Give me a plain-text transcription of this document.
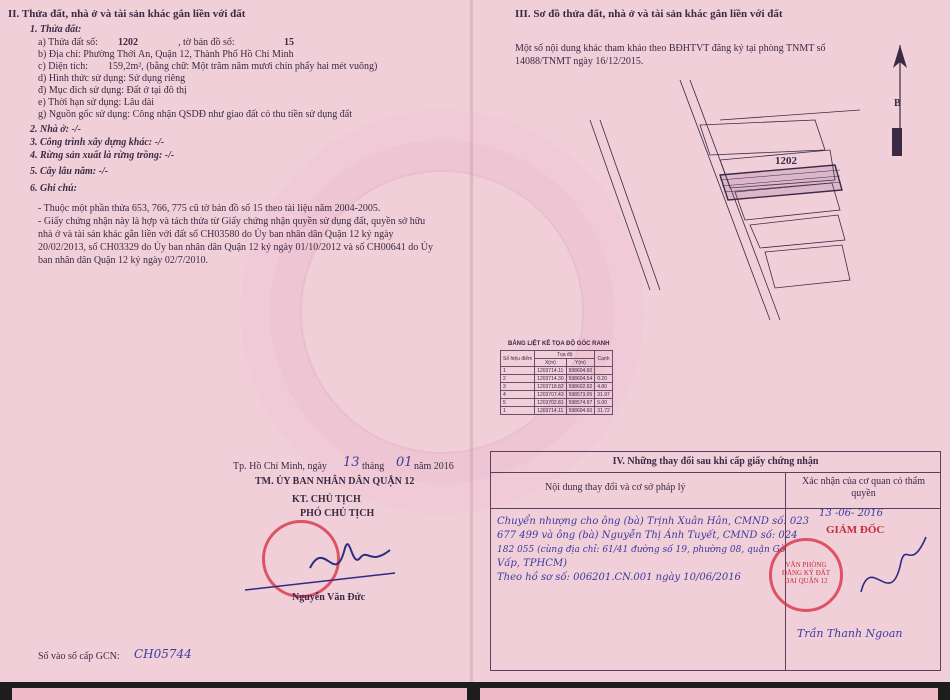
II. Thửa đất, nhà ở và tài sản khác gắn liền với đất
1. Thửa đất:
a) Thửa đất số: 1202	, tờ bản đồ số:	15
b) Địa chỉ: Phường Thới An, Quận 12, Thành Phố Hồ Chí Minh
c) Diện tích: 159,2m², (bằng chữ: Một trăm năm mươi chín phẩy hai mét vuông)
d) Hình thức sử dụng: Sử dụng riêng
đ) Mục đích sử dụng: Đất ở tại đô thị
e) Thời hạn sử dụng: Lâu dài
g) Nguồn gốc sử dụng: Công nhận QSDĐ như giao đất có thu tiền sử dụng đất
2. Nhà ở: -/-
3. Công trình xây dựng khác: -/-
4. Rừng sản xuất là rừng trồng: -/-
5. Cây lâu năm: -/-
6. Ghi chú:

- Thuộc một phần thửa 653, 766, 775 cũ tờ bản đồ số 15 theo tài liệu năm 2004-2005.

- Giấy chứng nhận này là hợp và tách thửa từ Giấy chứng nhận quyền sử dụng đất, quyền sở hữu nhà ở và tài sản khác gắn liền với đất số CH03580 do Ủy ban nhân dân Quận 12 ký ngày 20/02/2013, số CH03329 do Ủy ban nhân dân Quận 12 ký ngày 01/10/2012 và số CH00641 do Ủy ban nhân dân Quận 12 ký ngày 02/7/2010.

Tp. Hồ Chí Minh, ngày 13 tháng 01 năm 2016
TM. ỦY BAN NHÂN DÂN QUẬN 12
KT. CHỦ TỊCH
PHÓ CHỦ TỊCH
Nguyễn Văn Đức
Số vào sổ cấp GCN: CH05744
III. Sơ đồ thửa đất, nhà ở và tài sản khác gắn liền với đất
Một số nội dung khác tham khảo theo BĐHTVT đăng ký tại phòng TNMT số 14088/TNMT ngày 16/12/2015.
B
1202
BẢNG LIỆT KÊ TỌA ĐỘ GÓC RANH
Số hiệu điểm	Tọa độ		Cạnh
	X(m)	Y(m)	
1	1203714.11	598604.60	
2	1203714.30	598604.54	0.20
3	1203718.82	598602.92	4.80
4	1203707.43	598573.05	31.97
5	1203702.81	598574.97	5.00
1	1203714.11	598604.60	31.72
IV. Những thay đổi sau khi cấp giấy chứng nhận
Nội dung thay đổi và cơ sở pháp lý
Xác nhận của cơ quan có thẩm quyền
Chuyển nhượng cho ông (bà) Trịnh Xuân Hân, CMND số: 023
677 499 và ông (bà) Nguyễn Thị Ánh Tuyết, CMND số: 024
182 055 (cùng địa chỉ: 61/41 đường số 19, phường 08, quận Gò
Vấp, TPHCM)
Theo hồ sơ số: 006201.CN.001 ngày 10/06/2016
13 -06- 2016
GIÁM ĐỐC
VĂN PHÒNG ĐĂNG KÝ ĐẤT ĐAI QUẬN 12
Trần Thanh Ngoan
